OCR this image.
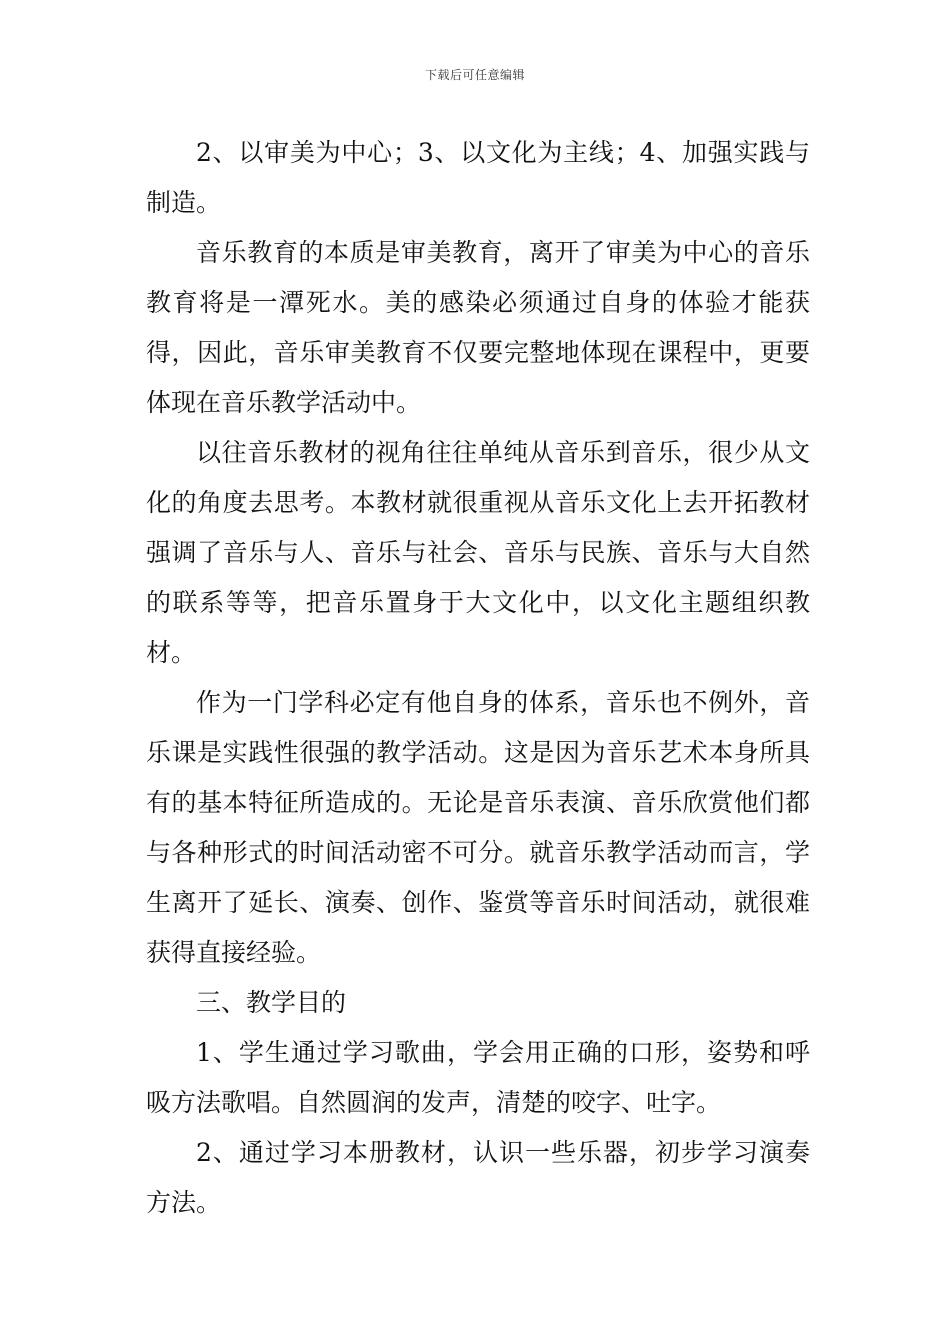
下载后可任意编辑

2、以审美为中心；3、以文化为主线；4、加强实践与制造。

音乐教育的本质是审美教育，离开了审美为中心的音乐教育将是一潭死水。美的感染必须通过自身的体验才能获得，因此，音乐审美教育不仅要完整地体现在课程中，更要体现在音乐教学活动中。

以往音乐教材的视角往往单纯从音乐到音乐，很少从文化的角度去思考。本教材就很重视从音乐文化上去开拓教材强调了音乐与人、音乐与社会、音乐与民族、音乐与大自然的联系等等，把音乐置身于大文化中，以文化主题组织教材。

作为一门学科必定有他自身的体系，音乐也不例外，音乐课是实践性很强的教学活动。这是因为音乐艺术本身所具有的基本特征所造成的。无论是音乐表演、音乐欣赏他们都与各种形式的时间活动密不可分。就音乐教学活动而言，学生离开了延长、演奏、创作、鉴赏等音乐时间活动，就很难获得直接经验。

三、教学目的

1、学生通过学习歌曲，学会用正确的口形，姿势和呼吸方法歌唱。自然圆润的发声，清楚的咬字、吐字。

2、通过学习本册教材，认识一些乐器，初步学习演奏方法。
